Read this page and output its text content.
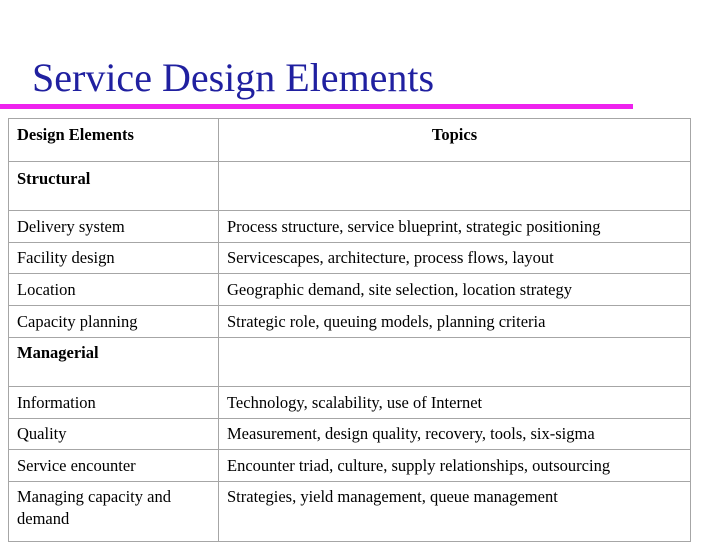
Service Design Elements
Design Elements	Topics
Structural	
Delivery system	Process structure, service blueprint, strategic positioning
Facility design	Servicescapes, architecture, process flows, layout
Location	Geographic demand, site selection, location strategy
Capacity planning	Strategic role, queuing models, planning criteria
Managerial	
Information	Technology, scalability, use of Internet
Quality	Measurement, design quality, recovery, tools, six-sigma
Service encounter	Encounter triad, culture, supply relationships, outsourcing
Managing capacity and demand	Strategies, yield management, queue management
